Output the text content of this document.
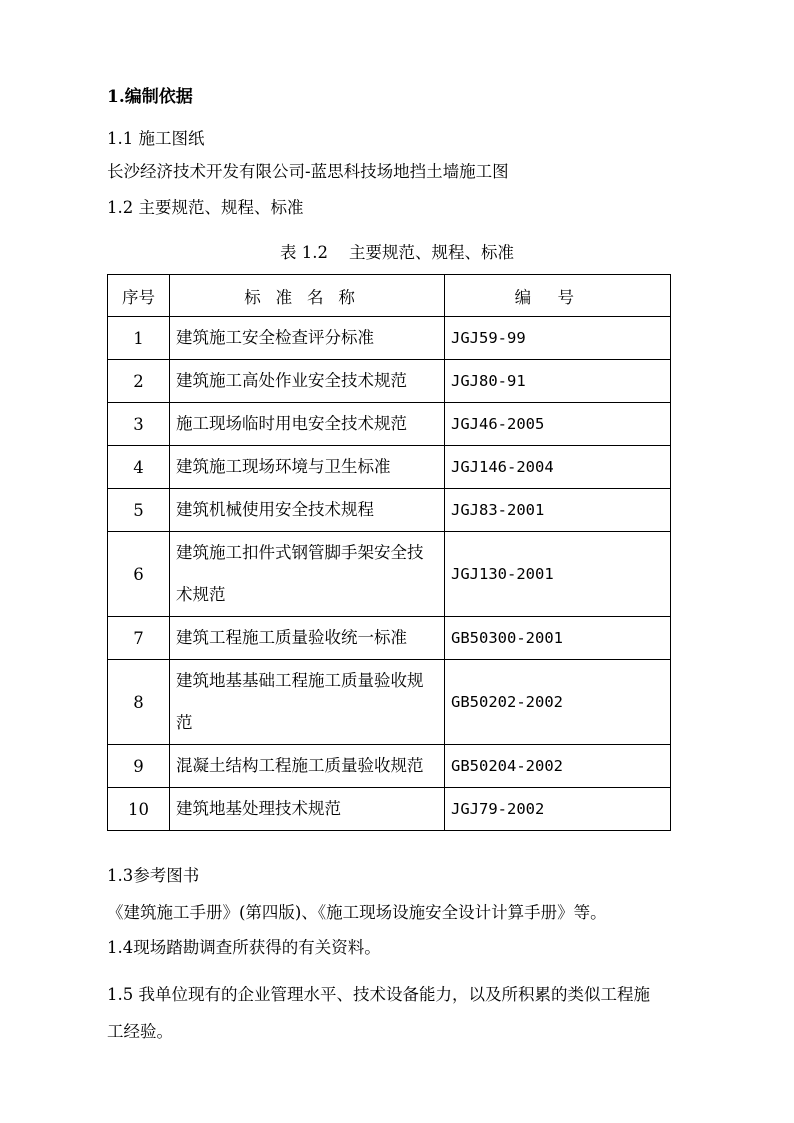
1.编制依据
1.1 施工图纸
长沙经济技术开发有限公司-蓝思科技场地挡土墙施工图
1.2 主要规范、规程、标准
表 1.2    主要规范、规程、标准
序号	标准名称	编号
1	建筑施工安全检查评分标准	JGJ59-99
2	建筑施工高处作业安全技术规范	JGJ80-91
3	施工现场临时用电安全技术规范	JGJ46-2005
4	建筑施工现场环境与卫生标准	JGJ146-2004
5	建筑机械使用安全技术规程	JGJ83-2001
6	建筑施工扣件式钢管脚手架安全技术规范	JGJ130-2001
7	建筑工程施工质量验收统一标准	GB50300-2001
8	建筑地基基础工程施工质量验收规范	GB50202-2002
9	混凝土结构工程施工质量验收规范	GB50204-2002
10	建筑地基处理技术规范	JGJ79-2002
1.3参考图书
《建筑施工手册》(第四版)、《施工现场设施安全设计计算手册》等。
1.4现场踏勘调查所获得的有关资料。
1.5 我单位现有的企业管理水平、技术设备能力，以及所积累的类似工程施
工经验。
